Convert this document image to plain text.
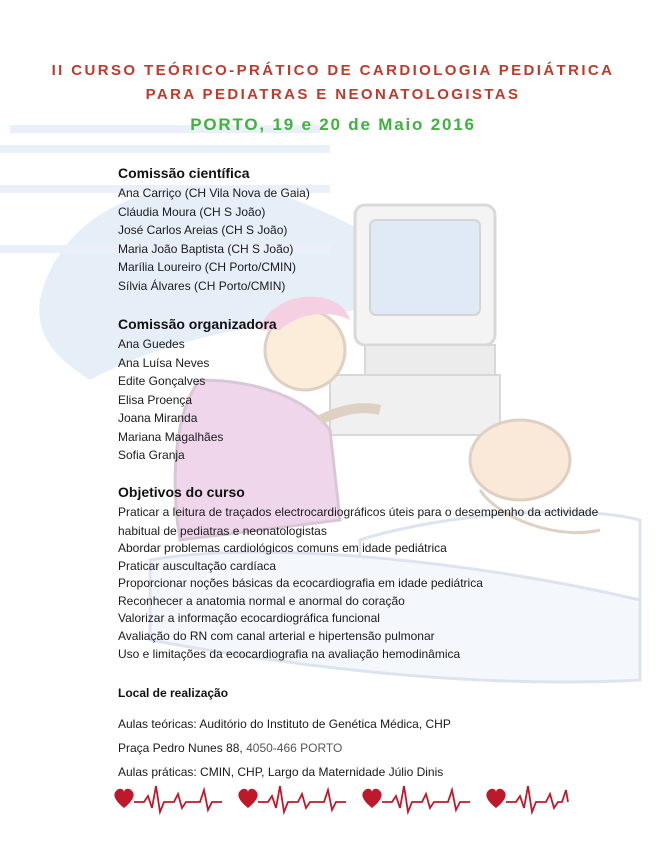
II CURSO TEÓRICO-PRÁTICO DE CARDIOLOGIA PEDIÁTRICA
PARA PEDIATRAS E NEONATOLOGISTAS
PORTO, 19 e 20 de Maio 2016
Comissão científica
Ana Carriço (CH Vila Nova de Gaia)
Cláudia Moura (CH S João)
José Carlos Areias (CH S João)
Maria João Baptista (CH S João)
Marília Loureiro (CH Porto/CMIN)
Sílvia Álvares (CH Porto/CMIN)
Comissão organizadora
Ana Guedes
Ana Luísa Neves
Edite Gonçalves
Elisa Proença
Joana Miranda
Mariana Magalhães
Sofia Granja
Objetivos do curso
Praticar a leitura de traçados electrocardiográficos úteis para o desempenho da actividade habitual de pediatras e neonatologistas
Abordar problemas cardiológicos comuns em idade pediátrica
Praticar auscultação cardíaca
Proporcionar noções básicas da ecocardiografia em idade pediátrica
Reconhecer a anatomia normal e anormal do coração
Valorizar a informação ecocardiográfica funcional
Avaliação do RN com canal arterial e hipertensão pulmonar
Uso e limitações da ecocardiografia na avaliação hemodinâmica
Local de realização
Aulas teóricas: Auditório do Instituto de Genética Médica, CHP
Praça Pedro Nunes 88, 4050-466 PORTO
Aulas práticas: CMIN, CHP, Largo da Maternidade Júlio Dinis
